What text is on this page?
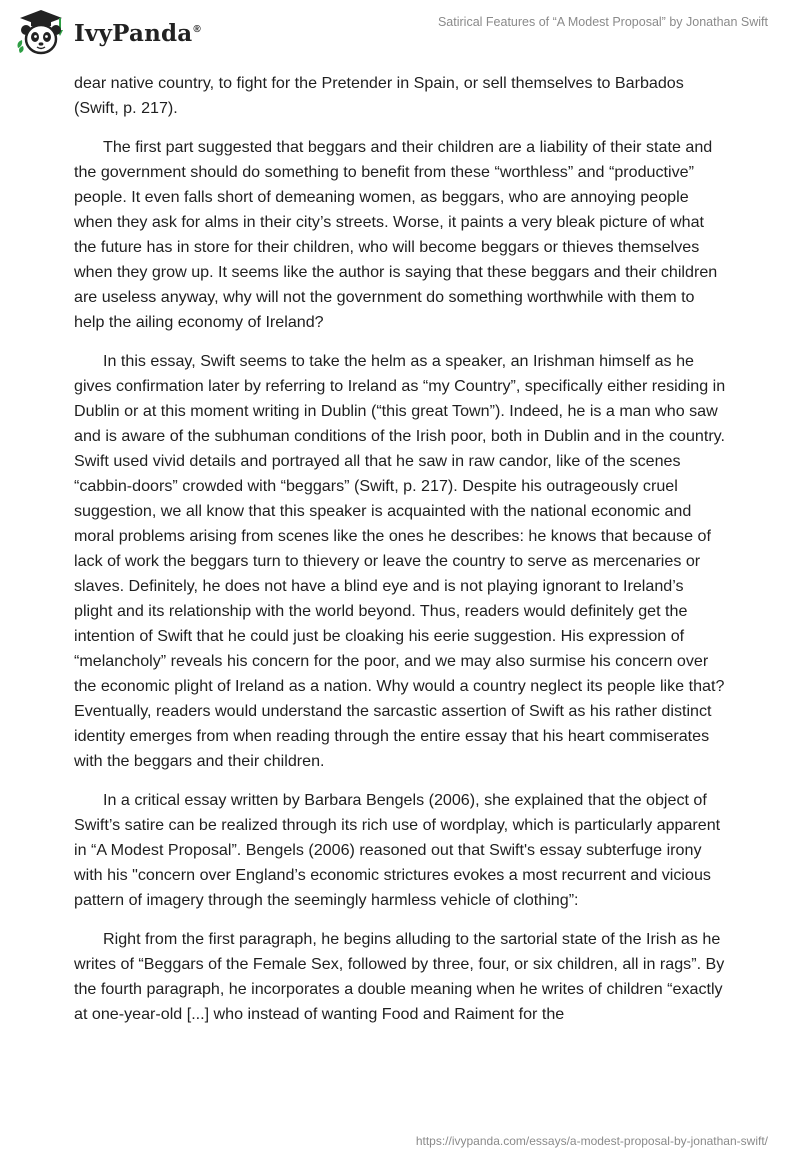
IvyPanda®
Satirical Features of “A Modest Proposal” by Jonathan Swift

dear native country, to fight for the Pretender in Spain, or sell themselves to Barbados (Swift, p. 217).

The first part suggested that beggars and their children are a liability of their state and the government should do something to benefit from these “worthless” and “productive” people. It even falls short of demeaning women, as beggars, who are annoying people when they ask for alms in their city’s streets. Worse, it paints a very bleak picture of what the future has in store for their children, who will become beggars or thieves themselves when they grow up. It seems like the author is saying that these beggars and their children are useless anyway, why will not the government do something worthwhile with them to help the ailing economy of Ireland?

In this essay, Swift seems to take the helm as a speaker, an Irishman himself as he gives confirmation later by referring to Ireland as “my Country”, specifically either residing in Dublin or at this moment writing in Dublin (“this great Town”). Indeed, he is a man who saw and is aware of the subhuman conditions of the Irish poor, both in Dublin and in the country. Swift used vivid details and portrayed all that he saw in raw candor, like of the scenes “cabbin-doors” crowded with “beggars” (Swift, p. 217). Despite his outrageously cruel suggestion, we all know that this speaker is acquainted with the national economic and moral problems arising from scenes like the ones he describes: he knows that because of lack of work the beggars turn to thievery or leave the country to serve as mercenaries or slaves. Definitely, he does not have a blind eye and is not playing ignorant to Ireland’s plight and its relationship with the world beyond. Thus, readers would definitely get the intention of Swift that he could just be cloaking his eerie suggestion. His expression of “melancholy” reveals his concern for the poor, and we may also surmise his concern over the economic plight of Ireland as a nation. Why would a country neglect its people like that? Eventually, readers would understand the sarcastic assertion of Swift as his rather distinct identity emerges from when reading through the entire essay that his heart commiserates with the beggars and their children.

In a critical essay written by Barbara Bengels (2006), she explained that the object of Swift’s satire can be realized through its rich use of wordplay, which is particularly apparent in “A Modest Proposal”. Bengels (2006) reasoned out that Swift's essay subterfuge irony with his "concern over England’s economic strictures evokes a most recurrent and vicious pattern of imagery through the seemingly harmless vehicle of clothing”:

Right from the first paragraph, he begins alluding to the sartorial state of the Irish as he writes of “Beggars of the Female Sex, followed by three, four, or six children, all in rags”. By the fourth paragraph, he incorporates a double meaning when he writes of children “exactly at one-year-old [...] who instead of wanting Food and Raiment for the

https://ivypanda.com/essays/a-modest-proposal-by-jonathan-swift/
